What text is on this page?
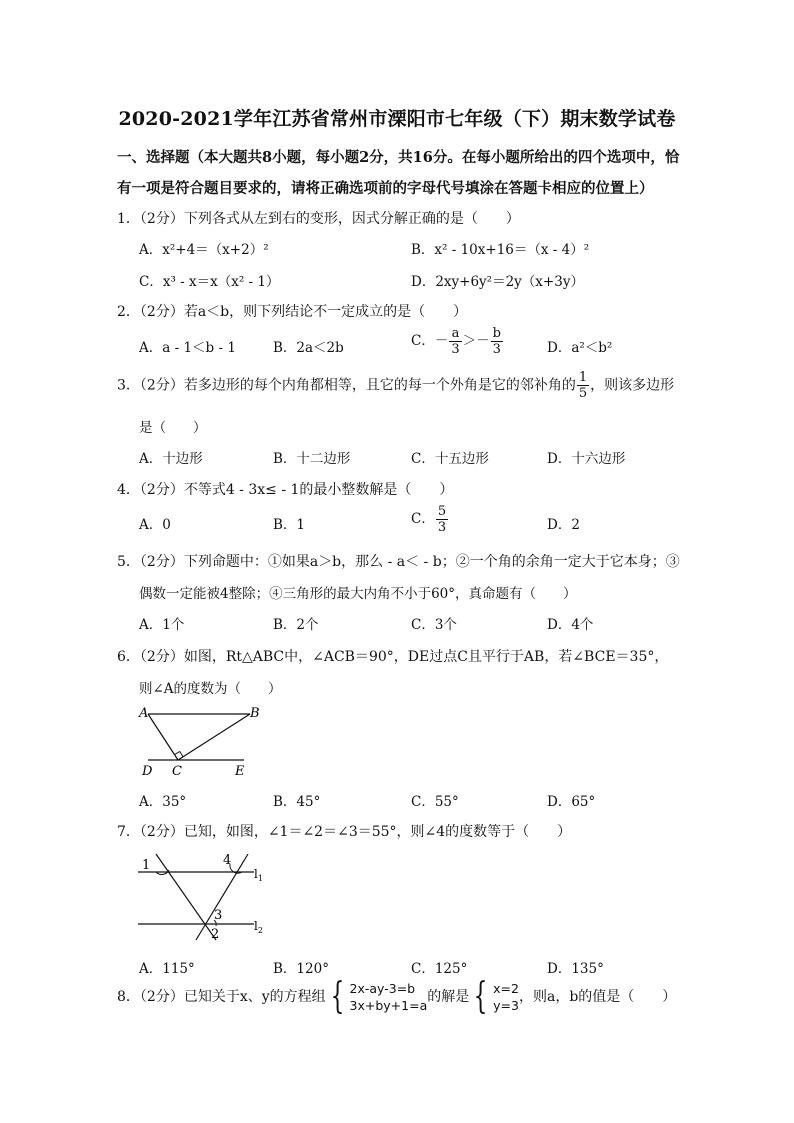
2020-2021学年江苏省常州市溧阳市七年级（下）期末数学试卷
一、选择题（本大题共8小题，每小题2分，共16分。在每小题所给出的四个选项中，恰
有一项是符合题目要求的，请将正确选项前的字母代号填涂在答题卡相应的位置上）
1．（2分）下列各式从左到右的变形，因式分解正确的是（　　）
A．x²+4＝（x+2）²	B．x² - 10x+16＝（x - 4）²
C．x³ - x＝x（x² - 1）	D．2xy+6y²＝2y（x+3y）
2．（2分）若a＜b，则下列结论不一定成立的是（　　）
A．a - 1＜b - 1	B．2a＜2b	C．－ $\frac{a}{3} >- \frac{b}{3}$	D．a²＜b²
3．（2分）若多边形的每个内角都相等，且它的每一个外角是它的邻补角的 $\frac{1}{5}$ ，则该多边形
是（　　）
A．十边形	B．十二边形	C．十五边形	D．十六边形
4．（2分）不等式4 - 3x≤ - 1的最小整数解是（　　）
A．0	B．1	C． $\frac{5}{3}$	D．2
5．（2分）下列命题中：①如果a＞b，那么 - a＜ - b；②一个角的余角一定大于它本身；③
偶数一定能被4整除；④三角形的最大内角不小于60°，真命题有（　　）
A．1个	B．2个	C．3个	D．4个
6．（2分）如图，Rt△ABC中，∠ACB＝90°，DE过点C且平行于AB，若∠BCE＝35°，
则∠A的度数为（　　）
A	B
C
D	E
A．35°	B．45°	C．55°	D．65°
7．（2分）已知，如图，∠1＝∠2＝∠3＝55°，则∠4的度数等于（　　）
1	4
3
2
$l_1$
$l_2$
A．115°	B．120°	C．125°	D．135°
8．（2分）已知关于x、y的方程组 { 2x-ay-3=b
3x+by+1=a
的解是 { x=2
y=3
，则a，b的值是（　　）
